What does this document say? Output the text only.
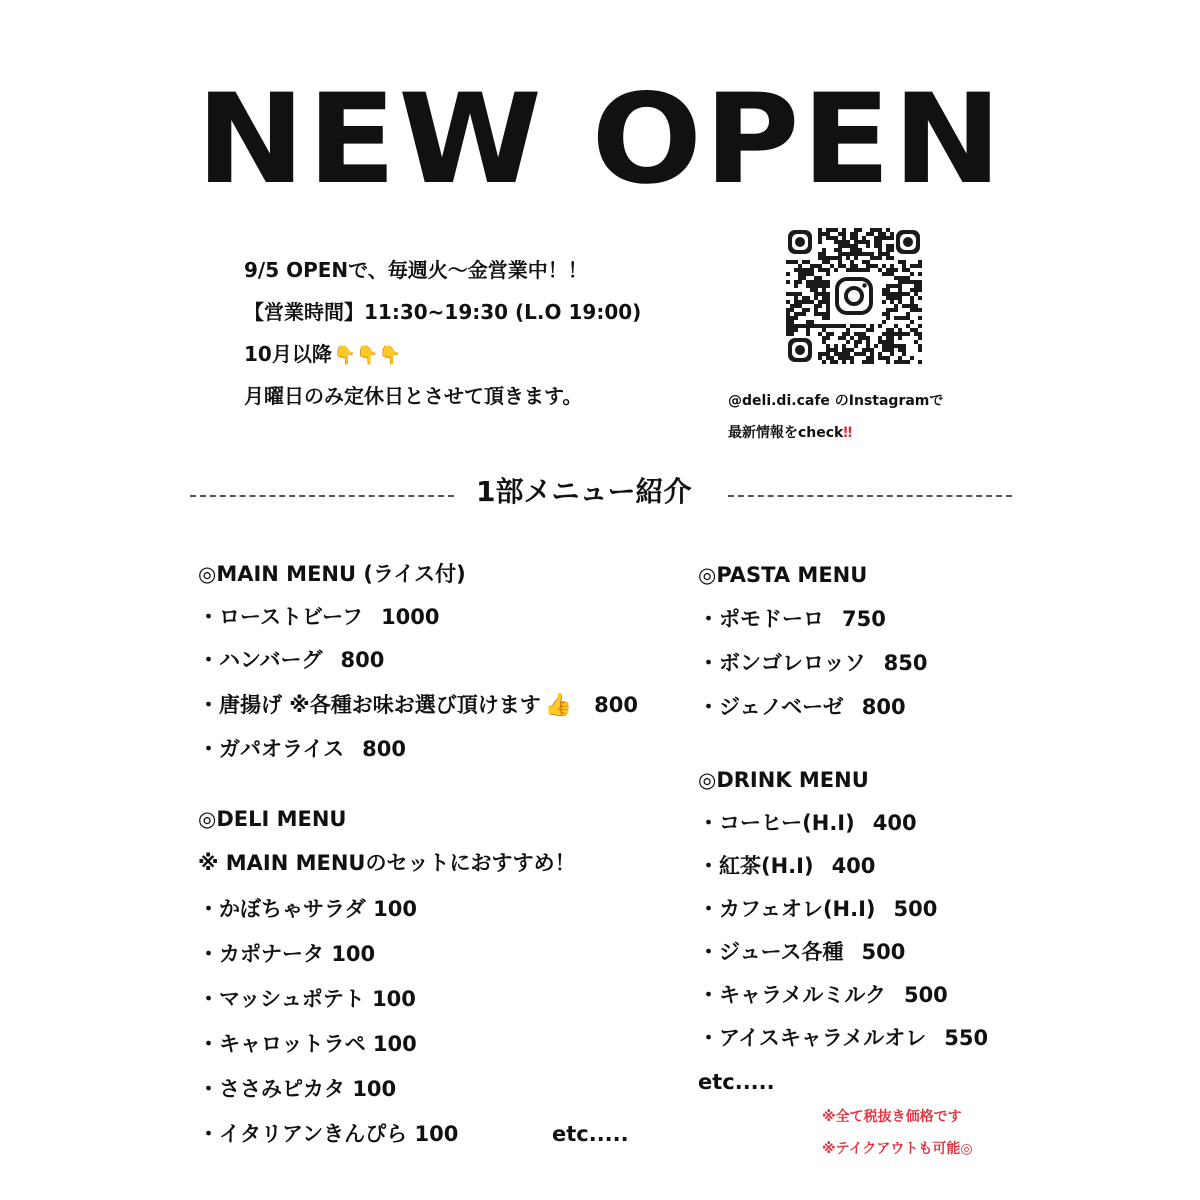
NEW OPEN
9/5 OPENで、毎週火〜金営業中！！
【営業時間】11:30~19:30 (L.O 19:00)
10月以降 👇👇👇
月曜日のみ定休日とさせて頂きます。	@deli.di.cafe のInstagramで
最新情報をcheck‼
1部メニュー紹介
◎MAIN MENU (ライス付)
・ローストビーフ 1000
・ハンバーグ 800
・唐揚げ ※各種お味お選び頂けます 👍 800
・ガパオライス 800
◎DELI MENU
※ MAIN MENUのセットにおすすめ！
・かぼちゃサラダ 100
・カポナータ 100
・マッシュポテト 100
・キャロットラペ 100
・ささみピカタ 100
・イタリアンきんぴら 100	etc.....
◎PASTA MENU
・ポモドーロ 750
・ボンゴレロッソ 850
・ジェノベーゼ 800
◎DRINK MENU
・コーヒー(H.I) 400
・紅茶(H.I) 400
・カフェオレ(H.I) 500
・ジュース各種 500
・キャラメルミルク 500
・アイスキャラメルオレ 550
etc.....
※全て税抜き価格です
※テイクアウトも可能◎
